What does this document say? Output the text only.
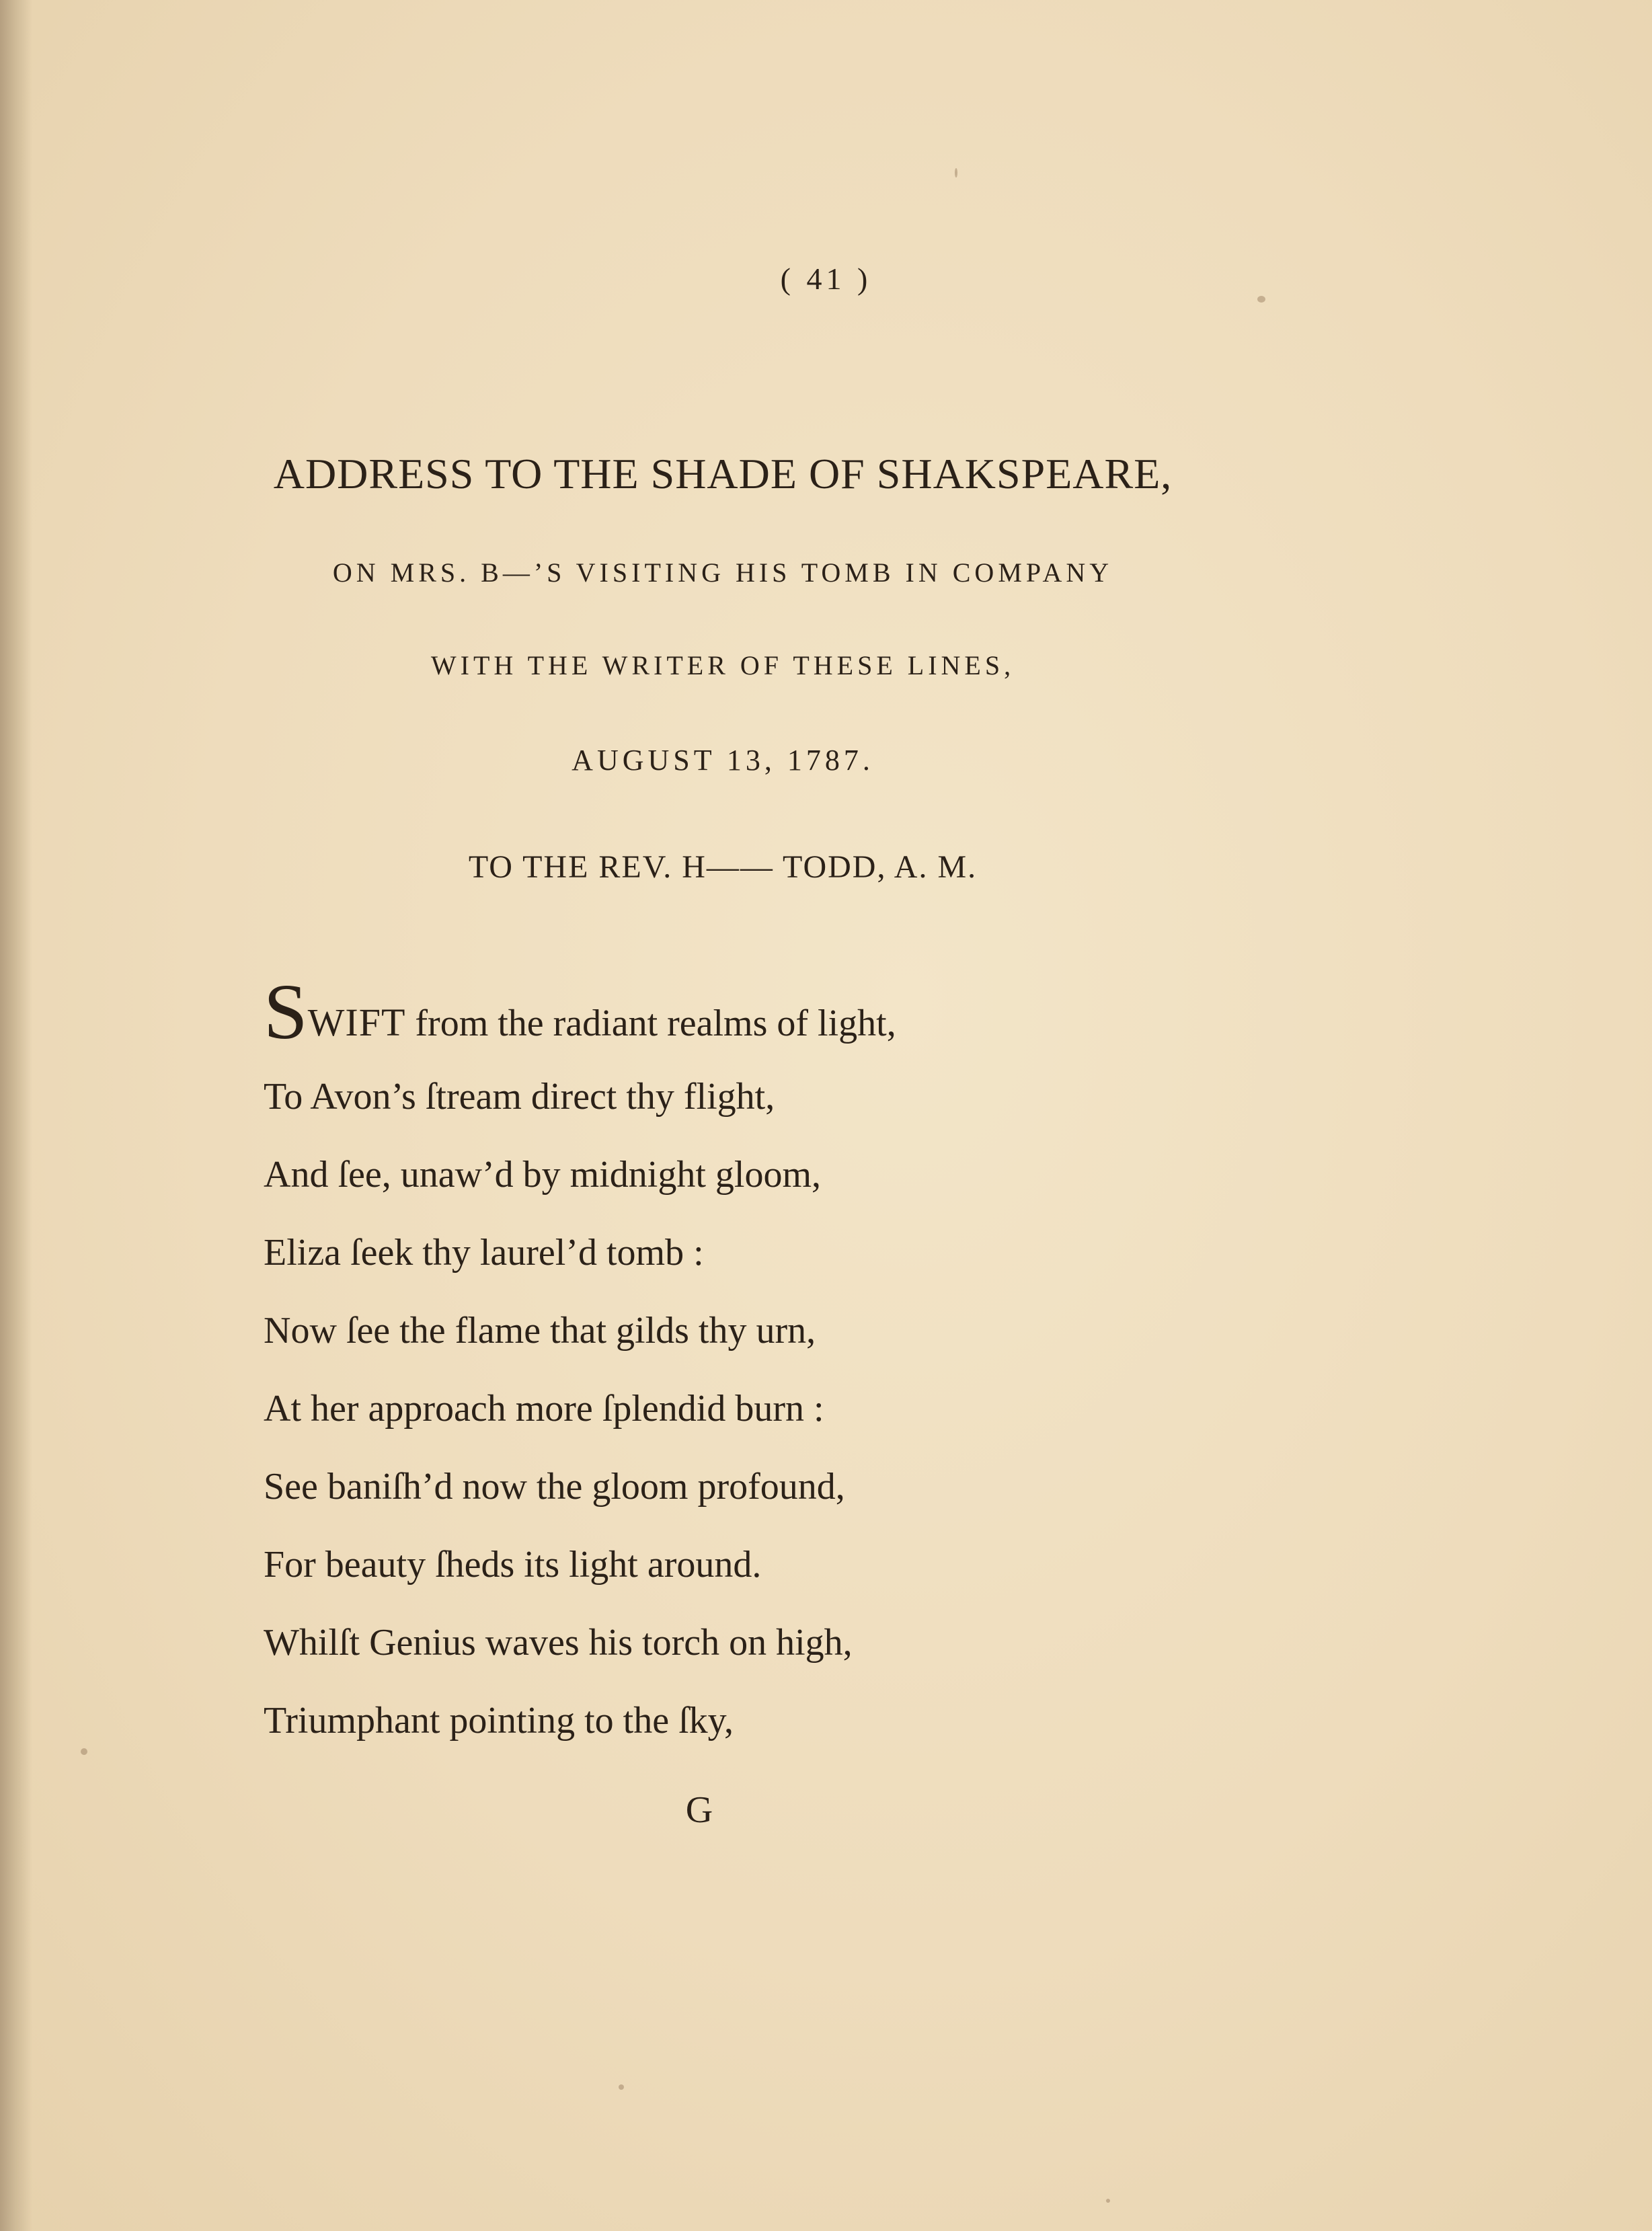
( 41 )
ADDRESS TO THE SHADE OF SHAKSPEARE,
ON MRS. B—’S VISITING HIS TOMB IN COMPANY
WITH THE WRITER OF THESE LINES,
AUGUST 13, 1787.
TO THE REV. H—— TODD, A. M.
SWIFT from the radiant realms of light,
To Avon’s ſtream direct thy flight,
And ſee, unaw’d by midnight gloom,
Eliza ſeek thy laurel’d tomb :
Now ſee the flame that gilds thy urn,
At her approach more ſplendid burn :
See baniſh’d now the gloom profound,
For beauty ſheds its light around.
Whilſt Genius waves his torch on high,
Triumphant pointing to the ſky,
G
